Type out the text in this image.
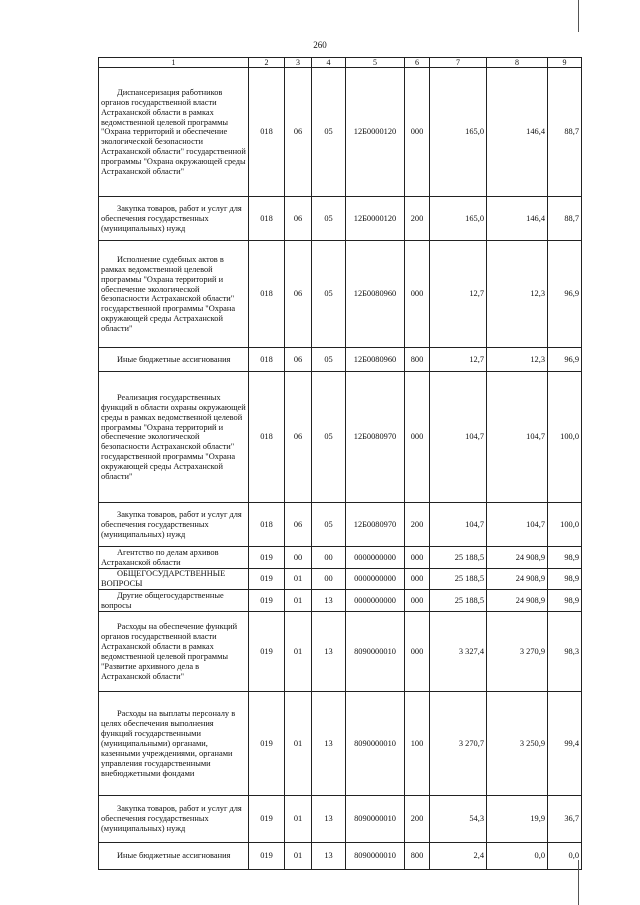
260
1	2	3	4	5	6	7	8	9

Диспансеризация работников органов государственной власти Астраханской области в рамках ведомственной целевой программы "Охрана территорий и обеспечение экологической безопасности Астраханской области" государственной программы "Охрана окружающей среды Астраханской области"	018	06	05	12Б0000120	000	165,0	146,4	88,7

Закупка товаров, работ и услуг для обеспечения государственных (муниципальных) нужд	018	06	05	12Б0000120	200	165,0	146,4	88,7

Исполнение судебных актов в рамках ведомственной целевой программы "Охрана территорий и обеспечение экологической безопасности Астраханской области" государственной программы "Охрана окружающей среды Астраханской области"	018	06	05	12Б0080960	000	12,7	12,3	96,9

Иные бюджетные ассигнования	018	06	05	12Б0080960	800	12,7	12,3	96,9

Реализация государственных функций в области охраны окружающей среды в рамках ведомственной целевой программы "Охрана территорий и обеспечение экологической безопасности Астраханской области" государственной программы "Охрана окружающей среды Астраханской области"	018	06	05	12Б0080970	000	104,7	104,7	100,0

Закупка товаров, работ и услуг для обеспечения государственных (муниципальных) нужд	018	06	05	12Б0080970	200	104,7	104,7	100,0

Агентство по делам архивов Астраханской области	019	00	00	0000000000	000	25 188,5	24 908,9	98,9

ОБЩЕГОСУДАРСТВЕННЫЕ ВОПРОСЫ	019	01	00	0000000000	000	25 188,5	24 908,9	98,9

Другие общегосударственные вопросы	019	01	13	0000000000	000	25 188,5	24 908,9	98,9

Расходы на обеспечение функций органов государственной власти Астраханской области в рамках ведомственной целевой программы "Развитие архивного дела в Астраханской области"	019	01	13	8090000010	000	3 327,4	3 270,9	98,3

Расходы на выплаты персоналу в целях обеспечения выполнения функций государственными (муниципальными) органами, казенными учреждениями, органами управления государственными внебюджетными фондами	019	01	13	8090000010	100	3 270,7	3 250,9	99,4

Закупка товаров, работ и услуг для обеспечения государственных (муниципальных) нужд	019	01	13	8090000010	200	54,3	19,9	36,7

Иные бюджетные ассигнования	019	01	13	8090000010	800	2,4	0,0	0,0
